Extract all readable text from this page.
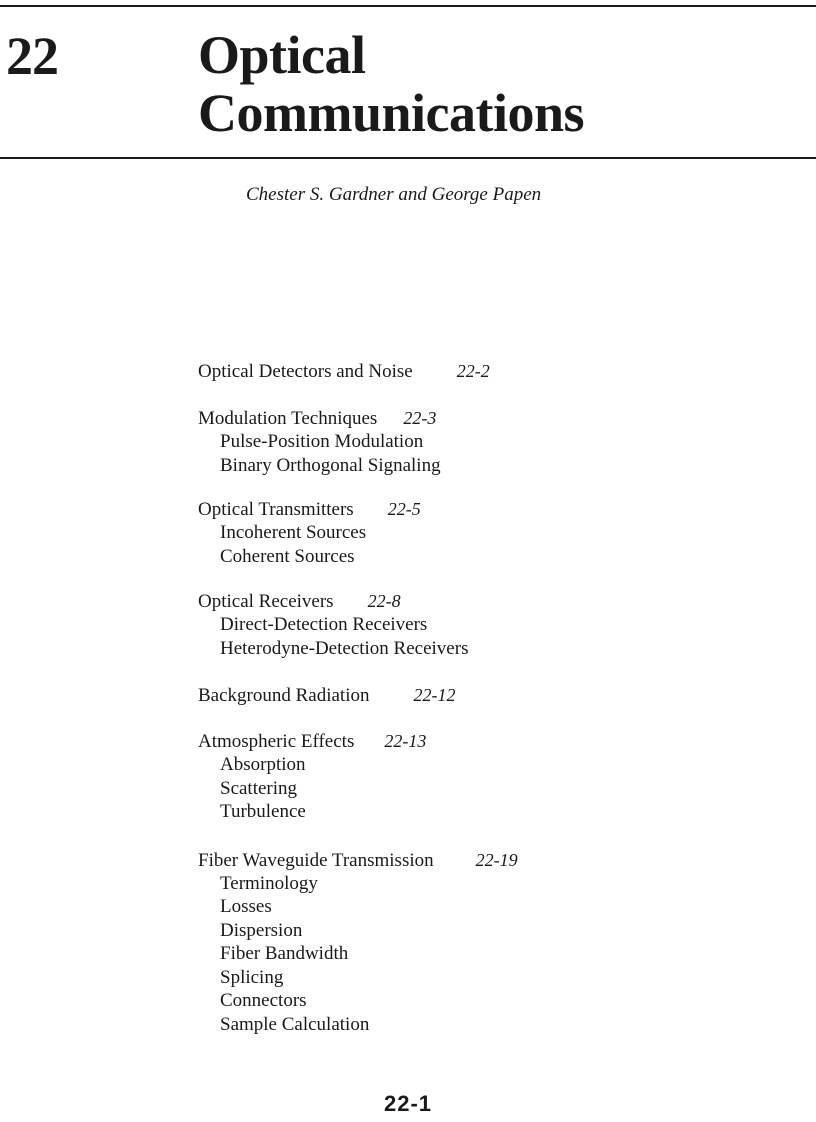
22	Optical
Communications

Chester S. Gardner and George Papen

Optical Detectors and Noise 22-2
Modulation Techniques 22-3
Pulse-Position Modulation
Binary Orthogonal Signaling
Optical Transmitters 22-5
Incoherent Sources
Coherent Sources
Optical Receivers 22-8
Direct-Detection Receivers
Heterodyne-Detection Receivers
Background Radiation 22-12
Atmospheric Effects 22-13
Absorption
Scattering
Turbulence
Fiber Waveguide Transmission 22-19
Terminology
Losses
Dispersion
Fiber Bandwidth
Splicing
Connectors
Sample Calculation

22-1
